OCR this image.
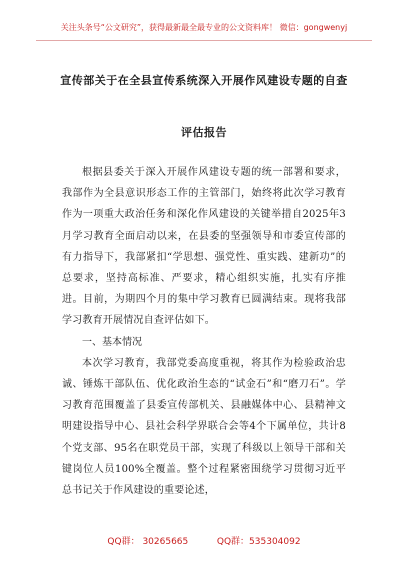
关注头条号“公文研究”，获得最新最全最专业的公文资料库！ 微信：gongwenyj
宣传部关于在全县宣传系统深入开展作风建设专题的自查
评估报告

根据县委关于深入开展作风建设专题的统一部署和要求，我部作为全县意识形态工作的主管部门，始终将此次学习教育作为一项重大政治任务和深化作风建设的关键举措自2025年3月学习教育全面启动以来，在县委的坚强领导和市委宣传部的有力指导下，我部紧扣“学思想、强党性、重实践、建新功”的总要求，坚持高标准、严要求，精心组织实施，扎实有序推进。目前，为期四个月的集中学习教育已圆满结束。现将我部学习教育开展情况自查评估如下。

一、基本情况

本次学习教育，我部党委高度重视，将其作为检验政治忠诚、锤炼干部队伍、优化政治生态的“试金石”和“磨刀石”。学习教育范围覆盖了县委宣传部机关、县融媒体中心、县精神文明建设指导中心、县社会科学界联合会等4个下属单位，共计8个党支部、95名在职党员干部，实现了科级以上领导干部和关键岗位人员100%全覆盖。整个过程紧密围绕学习贯彻习近平总书记关于作风建设的重要论述，

QQ群： 30265665          QQ群：535304092
